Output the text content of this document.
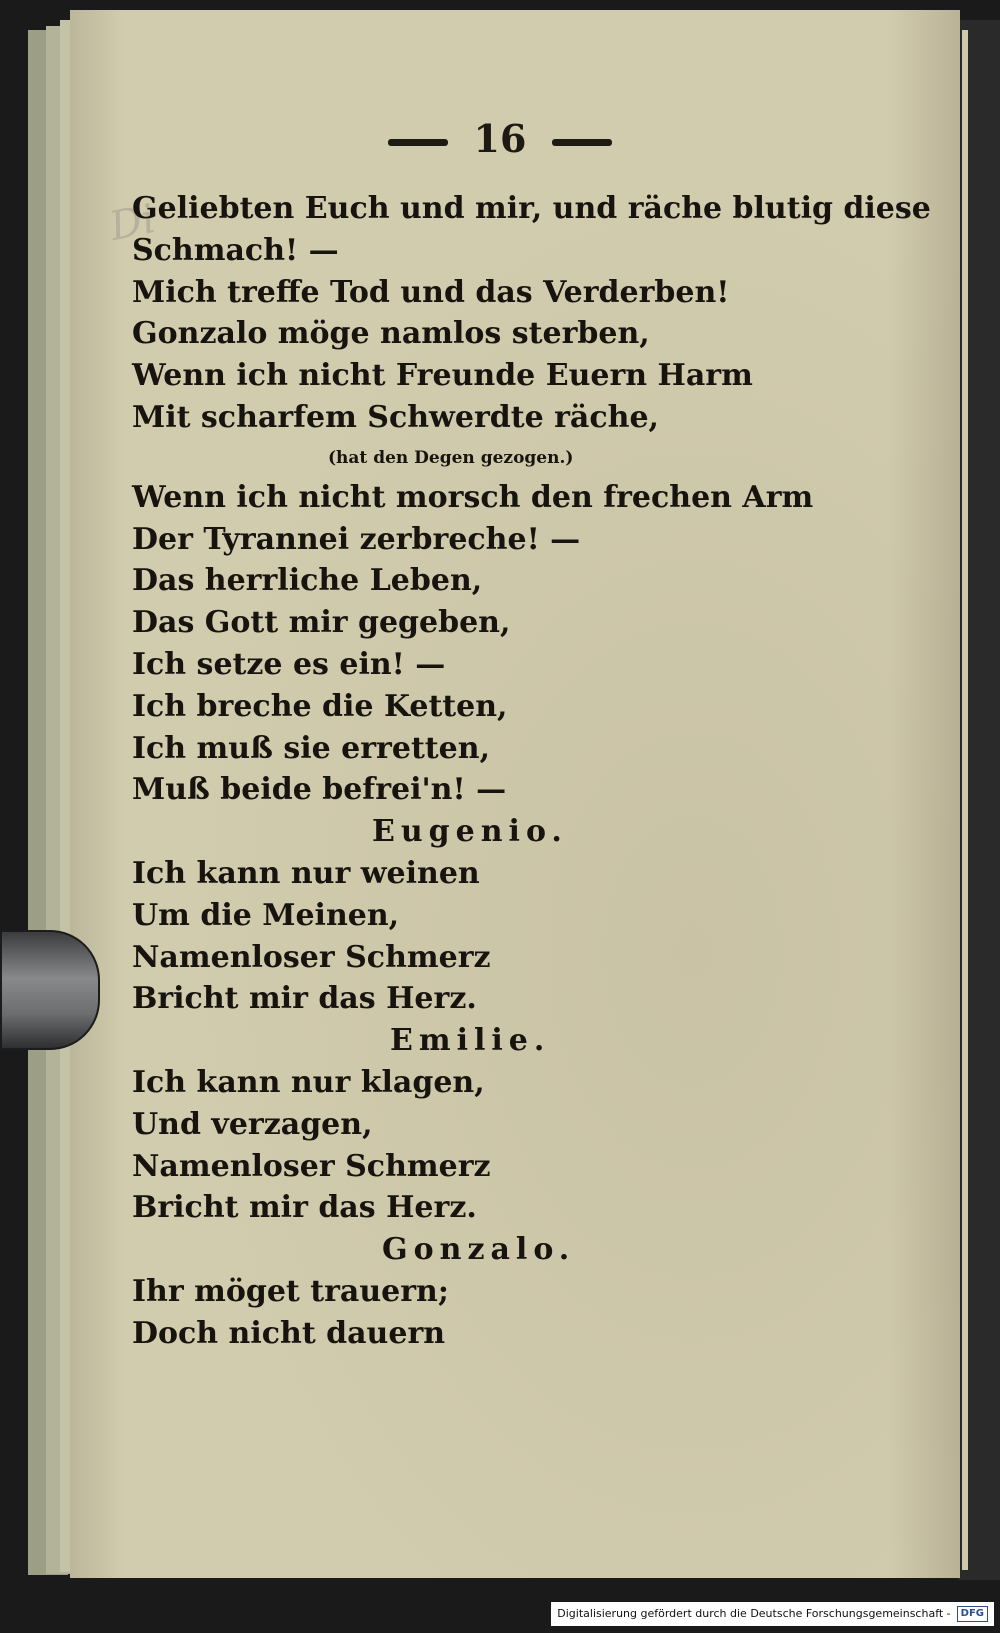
Di
16
Geliebten Euch und mir, und räche blutig diese
Schmach! —
Mich treffe Tod und das Verderben!
Gonzalo möge namlos sterben,
Wenn ich nicht Freunde Euern Harm
Mit scharfem Schwerdte räche,
(hat den Degen gezogen.)
Wenn ich nicht morsch den frechen Arm
Der Tyrannei zerbreche! —
Das herrliche Leben,
Das Gott mir gegeben,
Ich setze es ein! —
Ich breche die Ketten,
Ich muß sie erretten,
Muß beide befrei'n! —
Eugenio.
Ich kann nur weinen
Um die Meinen,
Namenloser Schmerz
Bricht mir das Herz.
Emilie.
Ich kann nur klagen,
Und verzagen,
Namenloser Schmerz
Bricht mir das Herz.
Gonzalo.
Ihr möget trauern;
Doch nicht dauern
Digitalisierung gefördert durch die Deutsche Forschungsgemeinschaft -	DFG
